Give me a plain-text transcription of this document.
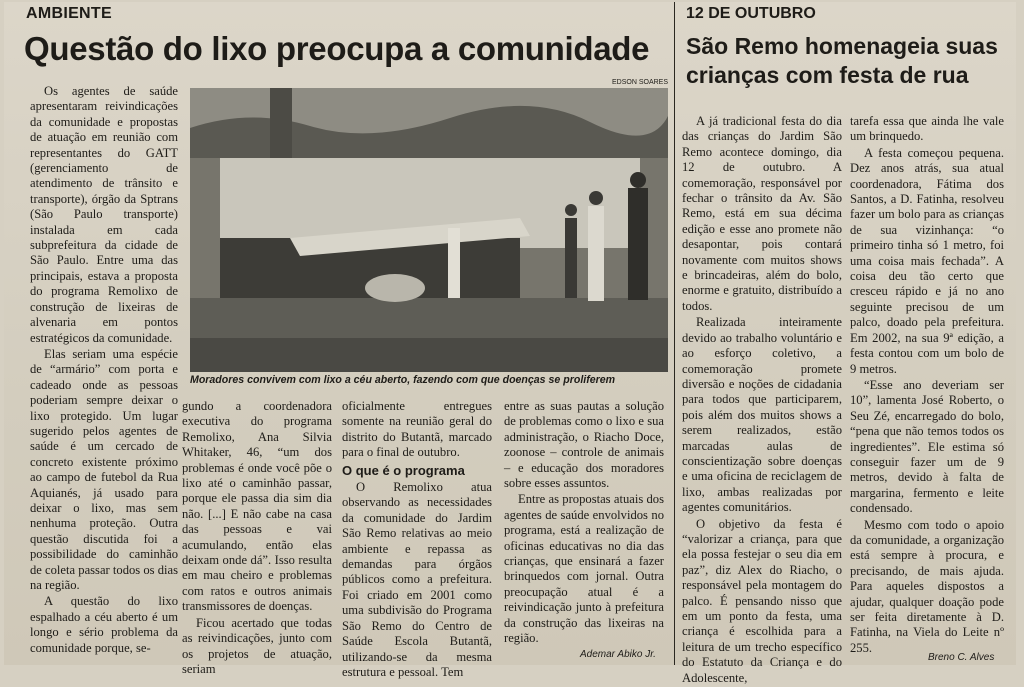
AMBIENTE
Questão do lixo preocupa a comunidade
EDSON SOARES
Moradores convivem com lixo a céu aberto, fazendo com que doenças se proliferem

Os agentes de saúde apresentaram reivindicações da comunidade e propostas de atuação em reunião com representantes do GATT (gerenciamento de atendimento de trânsito e transporte), órgão da Sptrans (São Paulo transporte) instalada em cada subprefeitura da cidade de São Paulo. Entre uma das principais, estava a proposta do programa Remolixo de construção de lixeiras de alvenaria em pontos estratégicos da comunidade.

Elas seriam uma espécie de “armário” com porta e cadeado onde as pessoas poderiam sempre deixar o lixo protegido. Um lugar sugerido pelos agentes de saúde é um cercado de concreto existente próximo ao campo de futebol da Rua Aquianés, já usado para deixar o lixo, mas sem nenhuma proteção. Outra questão discutida foi a possibilidade do caminhão de coleta passar todos os dias na região.

A questão do lixo espalhado a céu aberto é um longo e sério problema da comunidade porque, se-

gundo a coordenadora executiva do programa Remolixo, Ana Silvia Whitaker, 46, “um dos problemas é onde você põe o lixo até o caminhão passar, porque ele passa dia sim dia não. [...] E não cabe na casa das pessoas e vai acumulando, então elas deixam onde dá”. Isso resulta em mau cheiro e problemas com ratos e outros animais transmissores de doenças.

Ficou acertado que todas as reivindicações, junto com os projetos de atuação, seriam

oficialmente entregues somente na reunião geral do distrito do Butantã, marcado para o final de outubro.

O que é o programa

O Remolixo atua observando as necessidades da comunidade do Jardim São Remo relativas ao meio ambiente e repassa as demandas para órgãos públicos como a prefeitura. Foi criado em 2001 como uma subdivisão do Programa São Remo do Centro de Saúde Escola Butantã, utilizando-se da mesma estrutura e pessoal. Tem

entre as suas pautas a solução de problemas como o lixo e sua administração, o Riacho Doce, zoonose – controle de animais – e educação dos moradores sobre esses assuntos.

Entre as propostas atuais dos agentes de saúde envolvidos no programa, está a realização de oficinas educativas no dia das crianças, que ensinará a fazer brinquedos com jornal. Outra preocupação atual é a reivindicação junto à prefeitura da construção das lixeiras na região.

Ademar Abiko Jr.
12 DE OUTUBRO
São Remo homenageia suas crianças com festa de rua

A já tradicional festa do dia das crianças do Jardim São Remo acontece domingo, dia 12 de outubro. A comemoração, responsável por fechar o trânsito da Av. São Remo, está em sua décima edição e esse ano promete não desapontar, pois contará novamente com muitos shows e brincadeiras, além do bolo, enorme e gratuito, distribuído a todos.

Realizada inteiramente devido ao trabalho voluntário e ao esforço coletivo, a comemoração promete diversão e noções de cidadania para todos que participarem, pois além dos muitos shows a serem realizados, estão marcadas aulas de conscientização sobre doenças e uma oficina de reciclagem de lixo, ambas realizadas por agentes comunitários.

O objetivo da festa é “valorizar a criança, para que ela possa festejar o seu dia em paz”, diz Alex do Riacho, o responsável pela montagem do palco. É pensando nisso que em um ponto da festa, uma criança é escolhida para a leitura de um trecho específico do Estatuto da Criança e do Adolescente,

tarefa essa que ainda lhe vale um brinquedo.

A festa começou pequena. Dez anos atrás, sua atual coordenadora, Fátima dos Santos, a D. Fatinha, resolveu fazer um bolo para as crianças de sua vizinhança: “o primeiro tinha só 1 metro, foi uma coisa mais fechada”. A coisa deu tão certo que cresceu rápido e já no ano seguinte precisou de um palco, doado pela prefeitura. Em 2002, na sua 9ª edição, a festa contou com um bolo de 9 metros.

“Esse ano deveriam ser 10”, lamenta José Roberto, o Seu Zé, encarregado do bolo, “pena que não temos todos os ingredientes”. Ele estima só conseguir fazer um de 9 metros, devido à falta de margarina, fermento e leite condensado.

Mesmo com todo o apoio da comunidade, a organização está sempre à procura, e precisando, de mais ajuda. Para aqueles dispostos a ajudar, qualquer doação pode ser feita diretamente à D. Fatinha, na Viela do Leite nº 255.

Breno C. Alves
